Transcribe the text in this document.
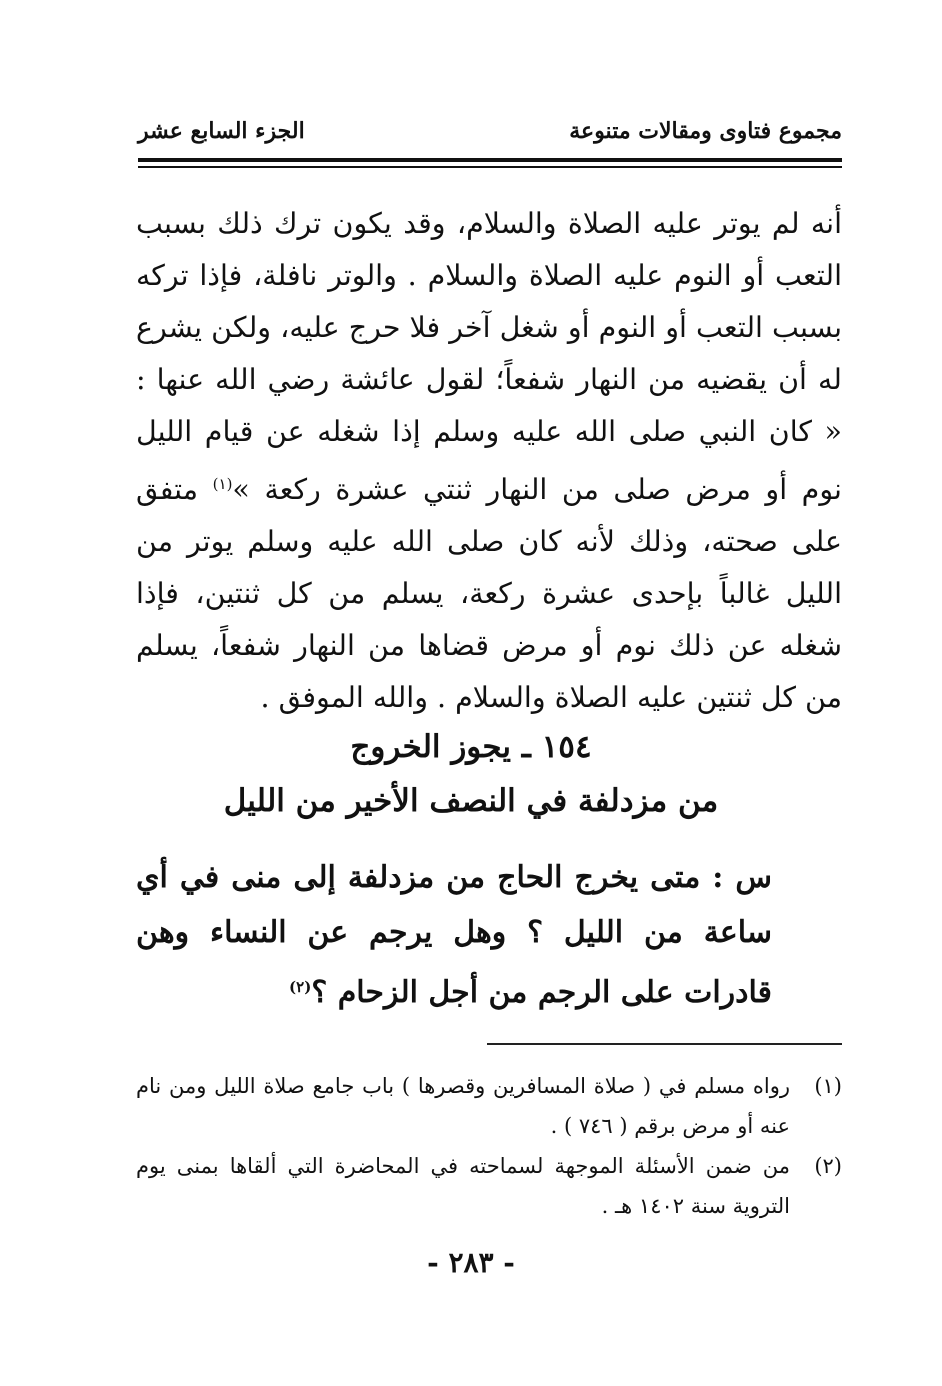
مجموع فتاوى ومقالات متنوعة
الجزء السابع عشر

أنه لم يوتر عليه الصلاة والسلام، وقد يكون ترك ذلك بسبب التعب أو النوم عليه الصلاة والسلام . والوتر نافلة، فإذا تركه بسبب التعب أو النوم أو شغل آخر فلا حرج عليه، ولكن يشرع له أن يقضيه من النهار شفعاً؛ لقول عائشة رضي الله عنها : « كان النبي صلى الله عليه وسلم إذا شغله عن قيام الليل نوم أو مرض صلى من النهار ثنتي عشرة ركعة »$^{(١)}$ متفق على صحته، وذلك لأنه كان صلى الله عليه وسلم يوتر من الليل غالباً بإحدى عشرة ركعة، يسلم من كل ثنتين، فإذا شغله عن ذلك نوم أو مرض قضاها من النهار شفعاً، يسلم من كل ثنتين عليه الصلاة والسلام . والله الموفق .

١٥٤ ـ يجوز الخروج
من مزدلفة في النصف الأخير من الليل
س : متى يخرج الحاج من مزدلفة إلى منى في أي ساعة من الليل ؟ وهل يرجم عن النساء وهن قادرات على الرجم من أجل الزحام ؟$^{(٢)}$
(١)
رواه مسلم في ( صلاة المسافرين وقصرها ) باب جامع صلاة الليل ومن نام عنه أو مرض برقم ( ٧٤٦ ) .
(٢)
من ضمن الأسئلة الموجهة لسماحته في المحاضرة التي ألقاها بمنى يوم التروية سنة ١٤٠٢ هـ .
- ٢٨٣ -
